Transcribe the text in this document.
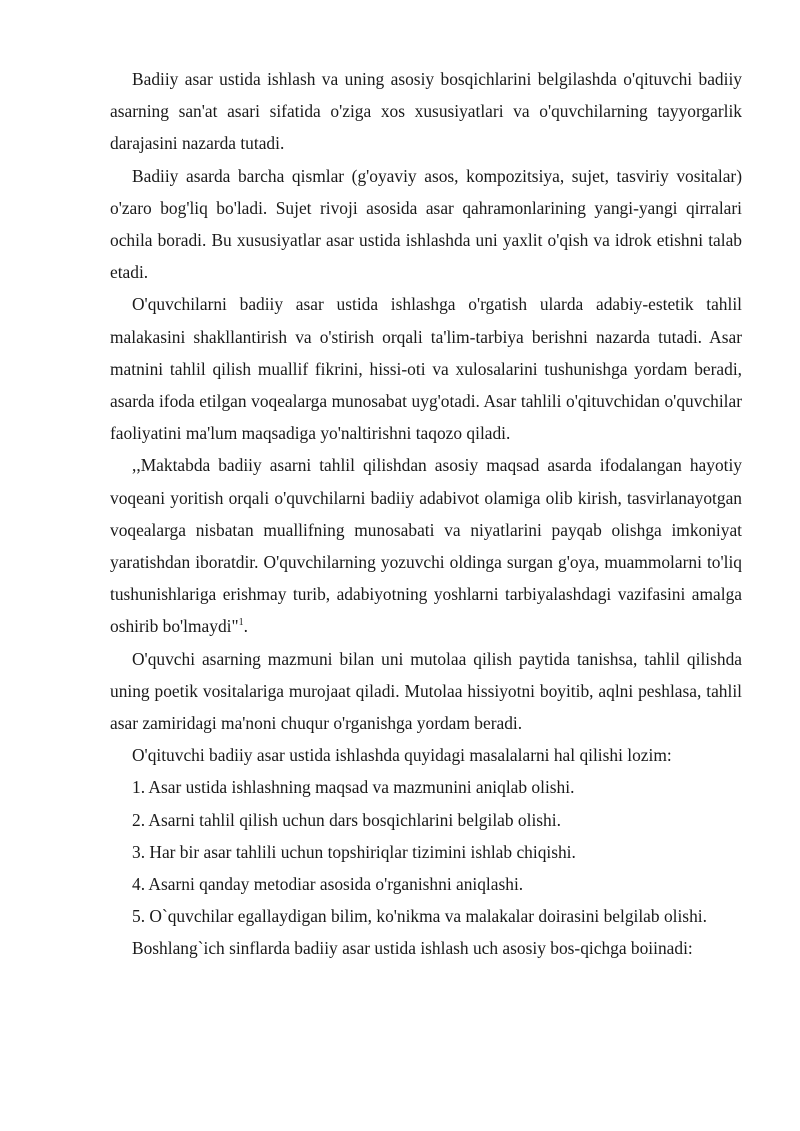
Badiiy asar ustida ishlash va uning asosiy bosqichlarini belgilashda o'qituvchi badiiy asarning san'at asari sifatida o'ziga xos xususiyatlari va o'quvchilarning tayyorgarlik darajasini nazarda tutadi.

Badiiy asarda barcha qismlar (g'oyaviy asos, kompozitsiya, sujet, tasviriy vositalar) o'zaro bog'liq bo'ladi. Sujet rivoji asosida asar qahramonlarining yangi-yangi qirralari ochila boradi. Bu xususiyatlar asar ustida ishlashda uni yaxlit o'qish va idrok etishni talab etadi.

O'quvchilarni badiiy asar ustida ishlashga o'rgatish ularda adabiy-estetik tahlil malakasini shakllantirish va o'stirish orqali ta'lim-tarbiya berishni nazarda tutadi. Asar matnini tahlil qilish muallif fikrini, hissi-oti va xulosalarini tushunishga yordam beradi, asarda ifoda etilgan voqealarga munosabat uyg'otadi. Asar tahlili o'qituvchidan o'quvchilar faoliyatini ma'lum maqsadiga yo'naltirishni taqozo qiladi.

,,Maktabda badiiy asarni tahlil qilishdan asosiy maqsad asarda ifodalangan hayotiy voqeani yoritish orqali o'quvchilarni badiiy adabivot olamiga olib kirish, tasvirlanayotgan voqealarga nisbatan muallifning munosabati va niyatlarini payqab olishga imkoniyat yaratishdan iboratdir. O'quvchilarning yozuvchi oldinga surgan g'oya, muammolarni to'liq tushunishlariga erishmay turib, adabiyotning yoshlarni tarbiyalashdagi vazifasini amalga oshirib bo'lmaydi"$^1$.

O'quvchi asarning mazmuni bilan uni mutolaa qilish paytida tanishsa, tahlil qilishda uning poetik vositalariga murojaat qiladi. Mutolaa hissiyotni boyitib, aqlni peshlasa, tahlil asar zamiridagi ma'noni chuqur o'rganishga yordam beradi.

O'qituvchi badiiy asar ustida ishlashda quyidagi masalalarni hal qilishi lozim:

1. Asar ustida ishlashning maqsad va mazmunini aniqlab olishi.

2. Asarni tahlil qilish uchun dars bosqichlarini belgilab olishi.

3. Har bir asar tahlili uchun topshiriqlar tizimini ishlab chiqishi.

4. Asarni qanday metodiar asosida o'rganishni aniqlashi.

5. O`quvchilar egallaydigan bilim, ko'nikma va malakalar doirasini belgilab olishi.

Boshlang`ich sinflarda badiiy asar ustida ishlash uch asosiy bos-qichga boiinadi:
